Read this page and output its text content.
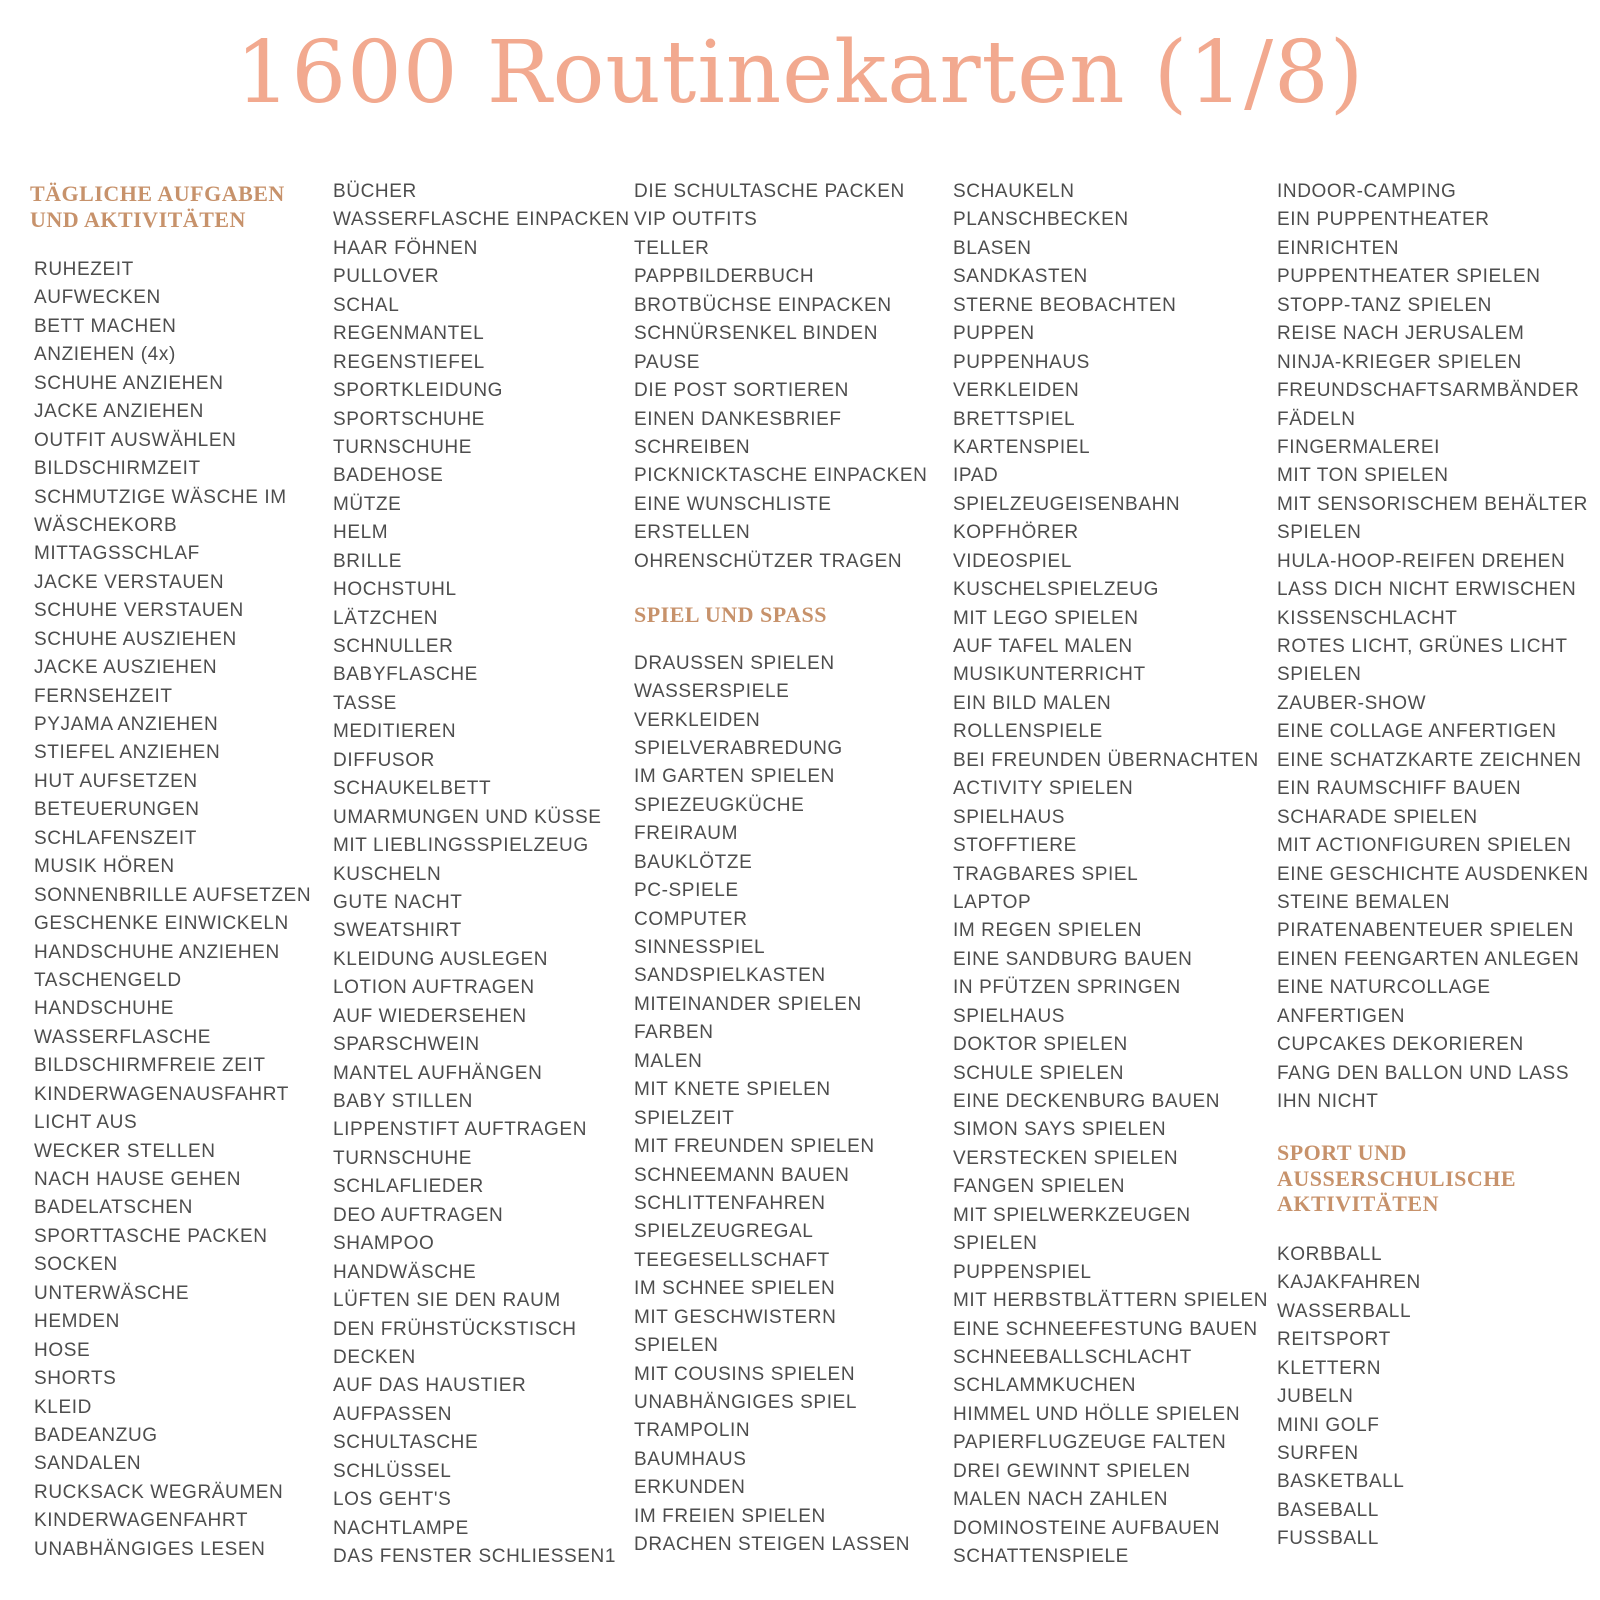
1600 Routinekarten (1/8)
TÄGLICHE AUFGABEN
UND AKTIVITÄTEN
RUHEZEIT
AUFWECKEN
BETT MACHEN
ANZIEHEN (4x)
SCHUHE ANZIEHEN
JACKE ANZIEHEN
OUTFIT AUSWÄHLEN
BILDSCHIRMZEIT
SCHMUTZIGE WÄSCHE IM
WÄSCHEKORB
MITTAGSSCHLAF
JACKE VERSTAUEN
SCHUHE VERSTAUEN
SCHUHE AUSZIEHEN
JACKE AUSZIEHEN
FERNSEHZEIT
PYJAMA ANZIEHEN
STIEFEL ANZIEHEN
HUT AUFSETZEN
BETEUERUNGEN
SCHLAFENSZEIT
MUSIK HÖREN
SONNENBRILLE AUFSETZEN
GESCHENKE EINWICKELN
HANDSCHUHE ANZIEHEN
TASCHENGELD
HANDSCHUHE
WASSERFLASCHE
BILDSCHIRMFREIE ZEIT
KINDERWAGENAUSFAHRT
LICHT AUS
WECKER STELLEN
NACH HAUSE GEHEN
BADELATSCHEN
SPORTTASCHE PACKEN
SOCKEN
UNTERWÄSCHE
HEMDEN
HOSE
SHORTS
KLEID
BADEANZUG
SANDALEN
RUCKSACK WEGRÄUMEN
KINDERWAGENFAHRT
UNABHÄNGIGES LESEN
BÜCHER
WASSERFLASCHE EINPACKEN
HAAR FÖHNEN
PULLOVER
SCHAL
REGENMANTEL
REGENSTIEFEL
SPORTKLEIDUNG
SPORTSCHUHE
TURNSCHUHE
BADEHOSE
MÜTZE
HELM
BRILLE
HOCHSTUHL
LÄTZCHEN
SCHNULLER
BABYFLASCHE
TASSE
MEDITIEREN
DIFFUSOR
SCHAUKELBETT
UMARMUNGEN UND KÜSSE
MIT LIEBLINGSSPIELZEUG
KUSCHELN
GUTE NACHT
SWEATSHIRT
KLEIDUNG AUSLEGEN
LOTION AUFTRAGEN
AUF WIEDERSEHEN
SPARSCHWEIN
MANTEL AUFHÄNGEN
BABY STILLEN
LIPPENSTIFT AUFTRAGEN
TURNSCHUHE
SCHLAFLIEDER
DEO AUFTRAGEN
SHAMPOO
HANDWÄSCHE
LÜFTEN SIE DEN RAUM
DEN FRÜHSTÜCKSTISCH
DECKEN
AUF DAS HAUSTIER
AUFPASSEN
SCHULTASCHE
SCHLÜSSEL
LOS GEHT'S
NACHTLAMPE
DAS FENSTER SCHLIESSEN1
DIE SCHULTASCHE PACKEN
VIP OUTFITS
TELLER
PAPPBILDERBUCH
BROTBÜCHSE EINPACKEN
SCHNÜRSENKEL BINDEN
PAUSE
DIE POST SORTIEREN
EINEN DANKESBRIEF
SCHREIBEN
PICKNICKTASCHE EINPACKEN
EINE WUNSCHLISTE
ERSTELLEN
OHRENSCHÜTZER TRAGEN
SPIEL UND SPASS
DRAUSSEN SPIELEN
WASSERSPIELE
VERKLEIDEN
SPIELVERABREDUNG
IM GARTEN SPIELEN
SPIEZEUGKÜCHE
FREIRAUM
BAUKLÖTZE
PC-SPIELE
COMPUTER
SINNESSPIEL
SANDSPIELKASTEN
MITEINANDER SPIELEN
FARBEN
MALEN
MIT KNETE SPIELEN
SPIELZEIT
MIT FREUNDEN SPIELEN
SCHNEEMANN BAUEN
SCHLITTENFAHREN
SPIELZEUGREGAL
TEEGESELLSCHAFT
IM SCHNEE SPIELEN
MIT GESCHWISTERN
SPIELEN
MIT COUSINS SPIELEN
UNABHÄNGIGES SPIEL
TRAMPOLIN
BAUMHAUS
ERKUNDEN
IM FREIEN SPIELEN
DRACHEN STEIGEN LASSEN
SCHAUKELN
PLANSCHBECKEN
BLASEN
SANDKASTEN
STERNE BEOBACHTEN
PUPPEN
PUPPENHAUS
VERKLEIDEN
BRETTSPIEL
KARTENSPIEL
IPAD
SPIELZEUGEISENBAHN
KOPFHÖRER
VIDEOSPIEL
KUSCHELSPIELZEUG
MIT LEGO SPIELEN
AUF TAFEL MALEN
MUSIKUNTERRICHT
EIN BILD MALEN
ROLLENSPIELE
BEI FREUNDEN ÜBERNACHTEN
ACTIVITY SPIELEN
SPIELHAUS
STOFFTIERE
TRAGBARES SPIEL
LAPTOP
IM REGEN SPIELEN
EINE SANDBURG BAUEN
IN PFÜTZEN SPRINGEN
SPIELHAUS
DOKTOR SPIELEN
SCHULE SPIELEN
EINE DECKENBURG BAUEN
SIMON SAYS SPIELEN
VERSTECKEN SPIELEN
FANGEN SPIELEN
MIT SPIELWERKZEUGEN
SPIELEN
PUPPENSPIEL
MIT HERBSTBLÄTTERN SPIELEN
EINE SCHNEEFESTUNG BAUEN
SCHNEEBALLSCHLACHT
SCHLAMMKUCHEN
HIMMEL UND HÖLLE SPIELEN
PAPIERFLUGZEUGE FALTEN
DREI GEWINNT SPIELEN
MALEN NACH ZAHLEN
DOMINOSTEINE AUFBAUEN
SCHATTENSPIELE
INDOOR-CAMPING
EIN PUPPENTHEATER
EINRICHTEN
PUPPENTHEATER SPIELEN
STOPP-TANZ SPIELEN
REISE NACH JERUSALEM
NINJA-KRIEGER SPIELEN
FREUNDSCHAFTSARMBÄNDER
FÄDELN
FINGERMALEREI
MIT TON SPIELEN
MIT SENSORISCHEM BEHÄLTER
SPIELEN
HULA-HOOP-REIFEN DREHEN
LASS DICH NICHT ERWISCHEN
KISSENSCHLACHT
ROTES LICHT, GRÜNES LICHT
SPIELEN
ZAUBER-SHOW
EINE COLLAGE ANFERTIGEN
EINE SCHATZKARTE ZEICHNEN
EIN RAUMSCHIFF BAUEN
SCHARADE SPIELEN
MIT ACTIONFIGUREN SPIELEN
EINE GESCHICHTE AUSDENKEN
STEINE BEMALEN
PIRATENABENTEUER SPIELEN
EINEN FEENGARTEN ANLEGEN
EINE NATURCOLLAGE
ANFERTIGEN
CUPCAKES DEKORIEREN
FANG DEN BALLON UND LASS
IHN NICHT
SPORT UND
AUSSERSCHULISCHE
AKTIVITÄTEN
KORBBALL
KAJAKFAHREN
WASSERBALL
REITSPORT
KLETTERN
JUBELN
MINI GOLF
SURFEN
BASKETBALL
BASEBALL
FUSSBALL
